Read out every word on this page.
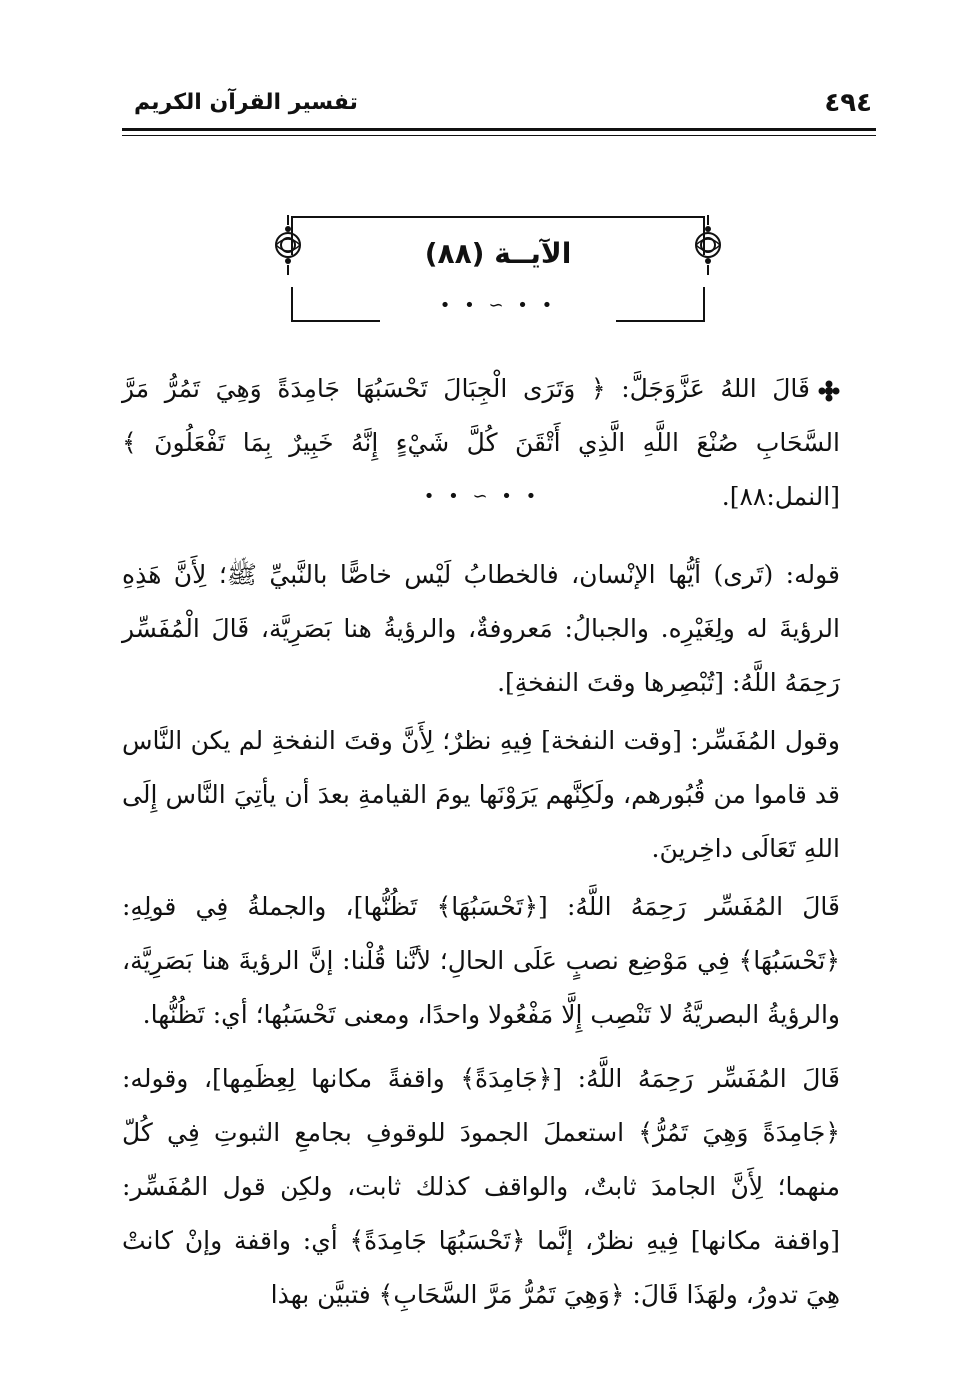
٤٩٤
تفسير القرآن الكريم
الآيــة (٨٨)
• • ∽ • •
قَالَ اللهُ عَزَّوَجَلَّ: ﴿ وَتَرَى الْجِبَالَ تَحْسَبُهَا جَامِدَةً وَهِيَ تَمُرُّ مَرَّ السَّحَابِ صُنْعَ اللَّهِ الَّذِي أَتْقَنَ كُلَّ شَيْءٍ إِنَّهُ خَبِيرٌ بِمَا تَفْعَلُونَ ﴾ [النمل:٨٨].
• • ∽ • •

قوله: (تَرى) أيُّها الإنْسان، فالخطابُ لَيْس خاصًّا بالنَّبيِّ ﷺ؛ لِأَنَّ هَذِهِ الرؤيةَ له ولِغَيْرِه. والجبالُ: مَعروفةٌ، والرؤيةُ هنا بَصَرِيَّة، قَالَ الْمُفَسِّر رَحِمَهُ اللَّهُ: [تُبْصِرها وقتَ النفخةِ].

وقول المُفَسِّر: [وقت النفخة] فِيهِ نظرٌ؛ لِأَنَّ وقتَ النفخةِ لم يكن النَّاس قد قاموا من قُبُورهم، ولَكِنَّهم يَرَوْنَها يومَ القيامةِ بعدَ أن يأتِيَ النَّاس إِلَى اللهِ تَعَالَى داخِرينَ.

قَالَ المُفَسِّر رَحِمَهُ اللَّهُ: [﴿تَحْسَبُهَا﴾ تَظُنُّها]، والجملةُ فِي قولِهِ: ﴿تَحْسَبُهَا﴾ فِي مَوْضِع نصبٍ عَلَى الحالِ؛ لأنَّنا قُلْنا: إنَّ الرؤيةَ هنا بَصَرِيَّة، والرؤيةُ البصريَّةُ لا تَنْصِب إِلَّا مَفْعُولا واحدًا، ومعنى تَحْسَبُها؛ أي: تَظُنُّها.

قَالَ المُفَسِّر رَحِمَهُ اللَّهُ: [﴿جَامِدَةً﴾ واقفةً مكانها لِعِظَمِها]، وقوله: ﴿جَامِدَةً وَهِيَ تَمُرُّ﴾ استعملَ الجمودَ للوقوفِ بجامعِ الثبوتِ فِي كُلّ منهما؛ لِأَنَّ الجامدَ ثابتٌ، والواقف كذلك ثابت، ولكِن قول المُفَسِّر: [واقفة مكانها] فِيهِ نظرٌ، إنَّما ﴿تَحْسَبُهَا جَامِدَةً﴾ أي: واقفة وإنْ كانتْ هِيَ تدورُ، ولهَذَا قَالَ: ﴿وَهِيَ تَمُرُّ مَرَّ السَّحَابِ﴾ فتبيَّن بهذا
